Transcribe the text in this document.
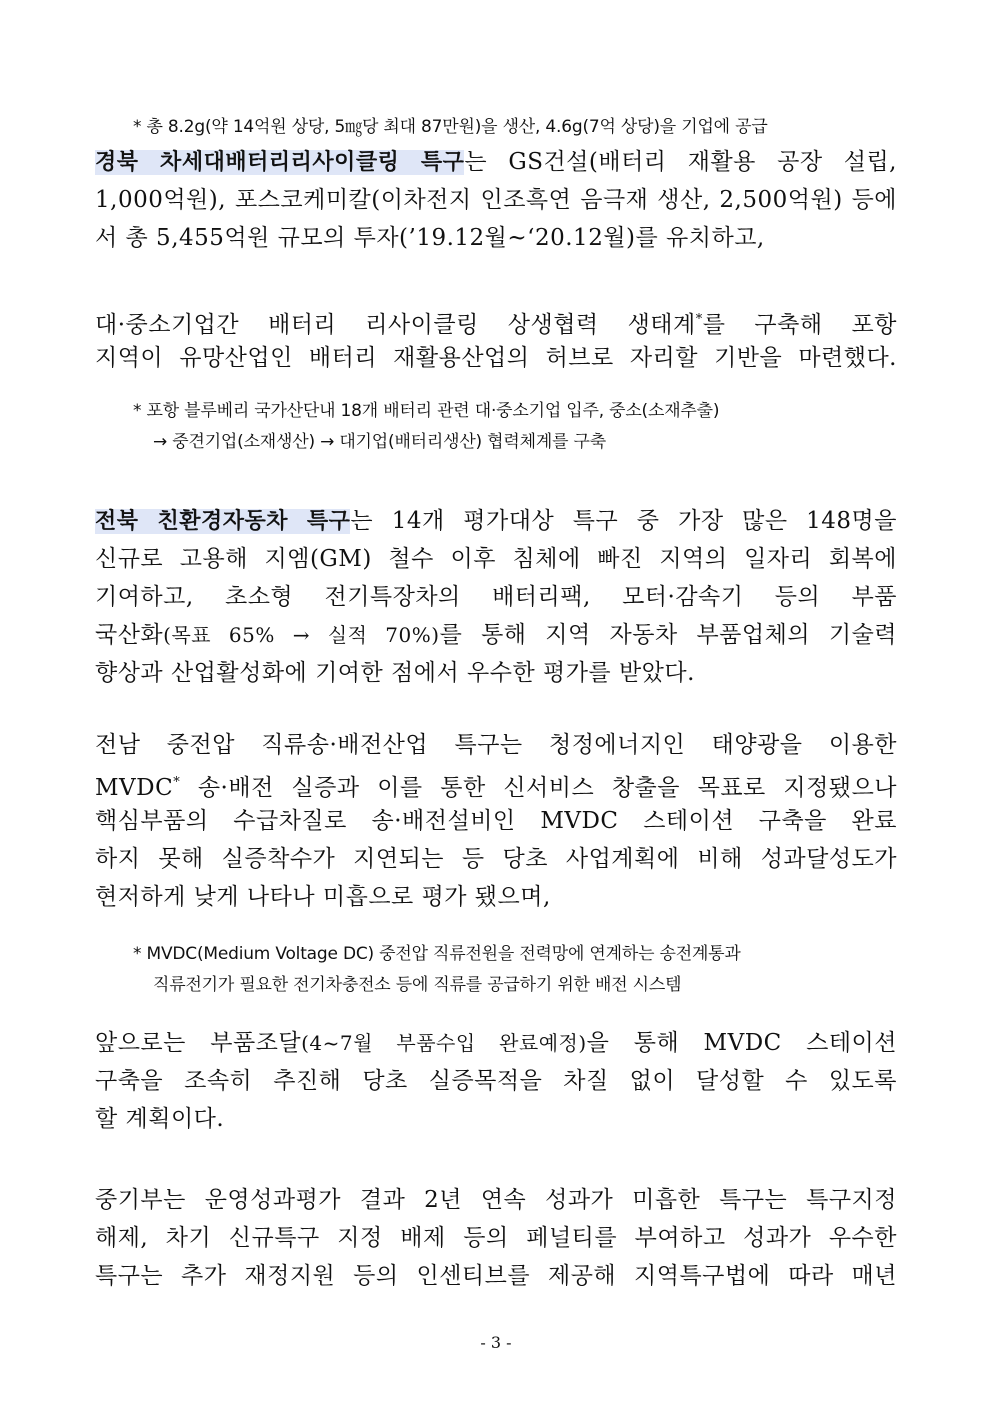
* 총 8.2g(약 14억원 상당, 5㎎당 최대 87만원)을 생산, 4.6g(7억 상당)을 기업에 공급
경북 차세대배터리리사이클링 특구는 GS건설(배터리 재활용 공장 설립,
1,000억원), 포스코케미칼(이차전지 인조흑연 음극재 생산, 2,500억원) 등에
서 총 5,455억원 규모의 투자(’19.12월~‘20.12월)를 유치하고,
대·중소기업간 배터리 리사이클링 상생협력 생태계*를 구축해 포항
지역이 유망산업인 배터리 재활용산업의 허브로 자리할 기반을 마련했다.
* 포항 블루베리 국가산단내 18개 배터리 관련 대·중소기업 입주, 중소(소재추출)
→ 중견기업(소재생산) → 대기업(배터리생산) 협력체계를 구축
전북 친환경자동차 특구는 14개 평가대상 특구 중 가장 많은 148명을
신규로 고용해 지엠(GM) 철수 이후 침체에 빠진 지역의 일자리 회복에
기여하고, 초소형 전기특장차의 배터리팩, 모터·감속기 등의 부품
국산화(목표 65% → 실적 70%)를 통해 지역 자동차 부품업체의 기술력
향상과 산업활성화에 기여한 점에서 우수한 평가를 받았다.
전남 중전압 직류송·배전산업 특구는 청정에너지인 태양광을 이용한
MVDC* 송·배전 실증과 이를 통한 신서비스 창출을 목표로 지정됐으나
핵심부품의 수급차질로 송·배전설비인 MVDC 스테이션 구축을 완료
하지 못해 실증착수가 지연되는 등 당초 사업계획에 비해 성과달성도가
현저하게 낮게 나타나 미흡으로 평가 됐으며,
* MVDC(Medium Voltage DC) 중전압 직류전원을 전력망에 연계하는 송전계통과
직류전기가 필요한 전기차충전소 등에 직류를 공급하기 위한 배전 시스템
앞으로는 부품조달(4~7월 부품수입 완료예정)을 통해 MVDC 스테이션
구축을 조속히 추진해 당초 실증목적을 차질 없이 달성할 수 있도록
할 계획이다.
중기부는 운영성과평가 결과 2년 연속 성과가 미흡한 특구는 특구지정
해제, 차기 신규특구 지정 배제 등의 페널티를 부여하고 성과가 우수한
특구는 추가 재정지원 등의 인센티브를 제공해 지역특구법에 따라 매년
- 3 -
